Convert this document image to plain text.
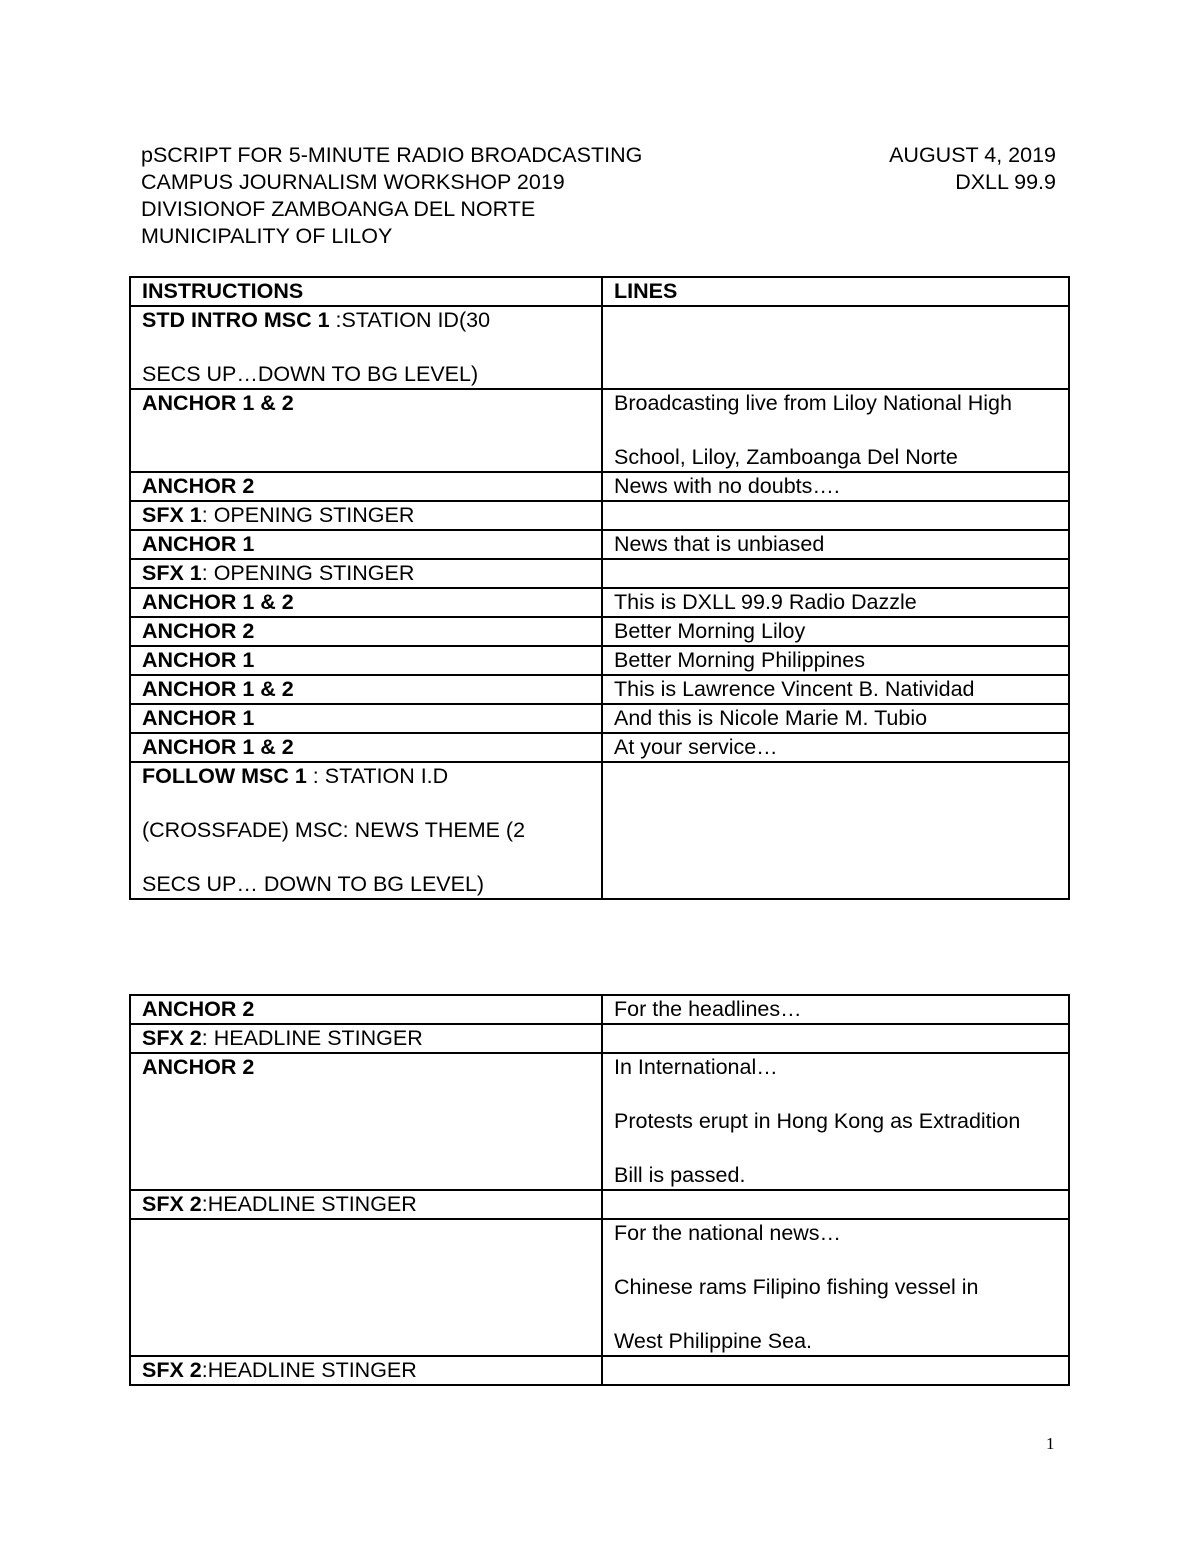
pSCRIPT FOR 5-MINUTE RADIO BROADCASTING	AUGUST 4, 2019
CAMPUS JOURNALISM WORKSHOP 2019	DXLL 99.9
DIVISIONOF ZAMBOANGA DEL NORTE
MUNICIPALITY OF LILOY
INSTRUCTIONS	LINES

STD INTRO MSC 1 :STATION ID(30
SECS UP…DOWN TO BG LEVEL)	

ANCHOR 1 & 2	Broadcasting live from Liloy National High
School, Liloy, Zamboanga Del Norte

ANCHOR 2	News with no doubts….
SFX 1: OPENING STINGER	
ANCHOR 1	News that is unbiased
SFX 1: OPENING STINGER	
ANCHOR 1 & 2	This is DXLL 99.9 Radio Dazzle
ANCHOR 2	Better Morning Liloy
ANCHOR 1	Better Morning Philippines
ANCHOR 1 & 2	This is Lawrence Vincent B. Natividad
ANCHOR 1	And this is Nicole Marie M. Tubio
ANCHOR 1 & 2	At your service…

FOLLOW MSC 1 : STATION I.D
(CROSSFADE) MSC: NEWS THEME (2
SECS UP… DOWN TO BG LEVEL)	

ANCHOR 2	For the headlines…
SFX 2: HEADLINE STINGER	
ANCHOR 2	In International…
Protests erupt in Hong Kong as Extradition
Bill is passed.

SFX 2:HEADLINE STINGER	

	For the national news…
Chinese rams Filipino fishing vessel in
West Philippine Sea.

SFX 2:HEADLINE STINGER	
1
